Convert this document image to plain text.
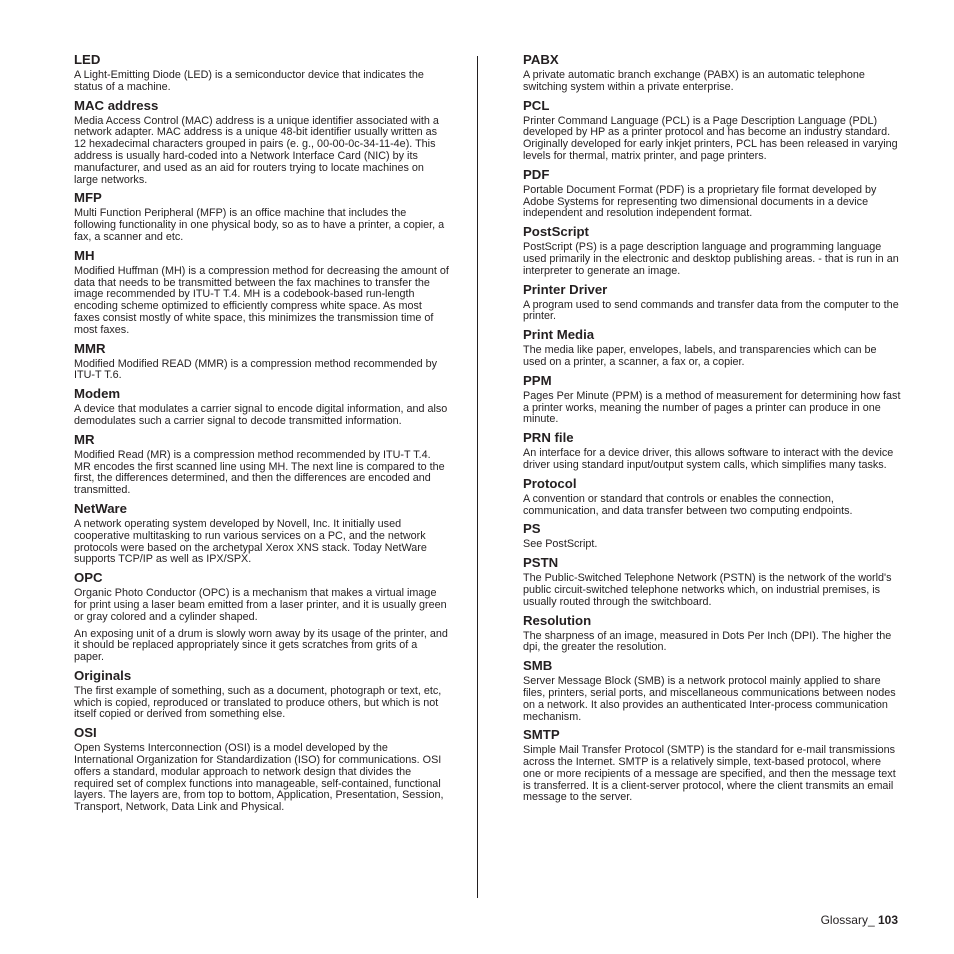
LED

A Light-Emitting Diode (LED) is a semiconductor device that indicates the status of a machine.

MAC address

Media Access Control (MAC) address is a unique identifier associated with a network adapter. MAC address is a unique 48-bit identifier usually written as 12 hexadecimal characters grouped in pairs (e. g., 00-00-0c-34-11-4e). This address is usually hard-coded into a Network Interface Card (NIC) by its manufacturer, and used as an aid for routers trying to locate machines on large networks.

MFP

Multi Function Peripheral (MFP) is an office machine that includes the following functionality in one physical body, so as to have a printer, a copier, a fax, a scanner and etc.

MH

Modified Huffman (MH) is a compression method for decreasing the amount of data that needs to be transmitted between the fax machines to transfer the image recommended by ITU-T T.4. MH is a codebook-based run-length encoding scheme optimized to efficiently compress white space. As most faxes consist mostly of white space, this minimizes the transmission time of most faxes.

MMR

Modified Modified READ (MMR) is a compression method recommended by ITU-T T.6.

Modem

A device that modulates a carrier signal to encode digital information, and also demodulates such a carrier signal to decode transmitted information.

MR

Modified Read (MR) is a compression method recommended by ITU-T T.4. MR encodes the first scanned line using MH. The next line is compared to the first, the differences determined, and then the differences are encoded and transmitted.

NetWare

A network operating system developed by Novell, Inc. It initially used cooperative multitasking to run various services on a PC, and the network protocols were based on the archetypal Xerox XNS stack. Today NetWare supports TCP/IP as well as IPX/SPX.

OPC

Organic Photo Conductor (OPC) is a mechanism that makes a virtual image for print using a laser beam emitted from a laser printer, and it is usually green or gray colored and a cylinder shaped.

An exposing unit of a drum is slowly worn away by its usage of the printer, and it should be replaced appropriately since it gets scratches from grits of a paper.

Originals

The first example of something, such as a document, photograph or text, etc, which is copied, reproduced or translated to produce others, but which is not itself copied or derived from something else.

OSI

Open Systems Interconnection (OSI) is a model developed by the International Organization for Standardization (ISO) for communications. OSI offers a standard, modular approach to network design that divides the required set of complex functions into manageable, self-contained, functional layers. The layers are, from top to bottom, Application, Presentation, Session, Transport, Network, Data Link and Physical.

PABX

A private automatic branch exchange (PABX) is an automatic telephone switching system within a private enterprise.

PCL

Printer Command Language (PCL) is a Page Description Language (PDL) developed by HP as a printer protocol and has become an industry standard. Originally developed for early inkjet printers, PCL has been released in varying levels for thermal, matrix printer, and page printers.

PDF

Portable Document Format (PDF) is a proprietary file format developed by Adobe Systems for representing two dimensional documents in a device independent and resolution independent format.

PostScript

PostScript (PS) is a page description language and programming language used primarily in the electronic and desktop publishing areas. - that is run in an interpreter to generate an image.

Printer Driver

A program used to send commands and transfer data from the computer to the printer.

Print Media

The media like paper, envelopes, labels, and transparencies which can be used on a printer, a scanner, a fax or, a copier.

PPM

Pages Per Minute (PPM) is a method of measurement for determining how fast a printer works, meaning the number of pages a printer can produce in one minute.

PRN file

An interface for a device driver, this allows software to interact with the device driver using standard input/output system calls, which simplifies many tasks.

Protocol

A convention or standard that controls or enables the connection, communication, and data transfer between two computing endpoints.

PS

See PostScript.

PSTN

The Public-Switched Telephone Network (PSTN) is the network of the world's public circuit-switched telephone networks which, on industrial premises, is usually routed through the switchboard.

Resolution

The sharpness of an image, measured in Dots Per Inch (DPI). The higher the dpi, the greater the resolution.

SMB

Server Message Block (SMB) is a network protocol mainly applied to share files, printers, serial ports, and miscellaneous communications between nodes on a network. It also provides an authenticated Inter-process communication mechanism.

SMTP

Simple Mail Transfer Protocol (SMTP) is the standard for e-mail transmissions across the Internet. SMTP is a relatively simple, text-based protocol, where one or more recipients of a message are specified, and then the message text is transferred. It is a client-server protocol, where the client transmits an email message to the server.

Glossary_ 103
